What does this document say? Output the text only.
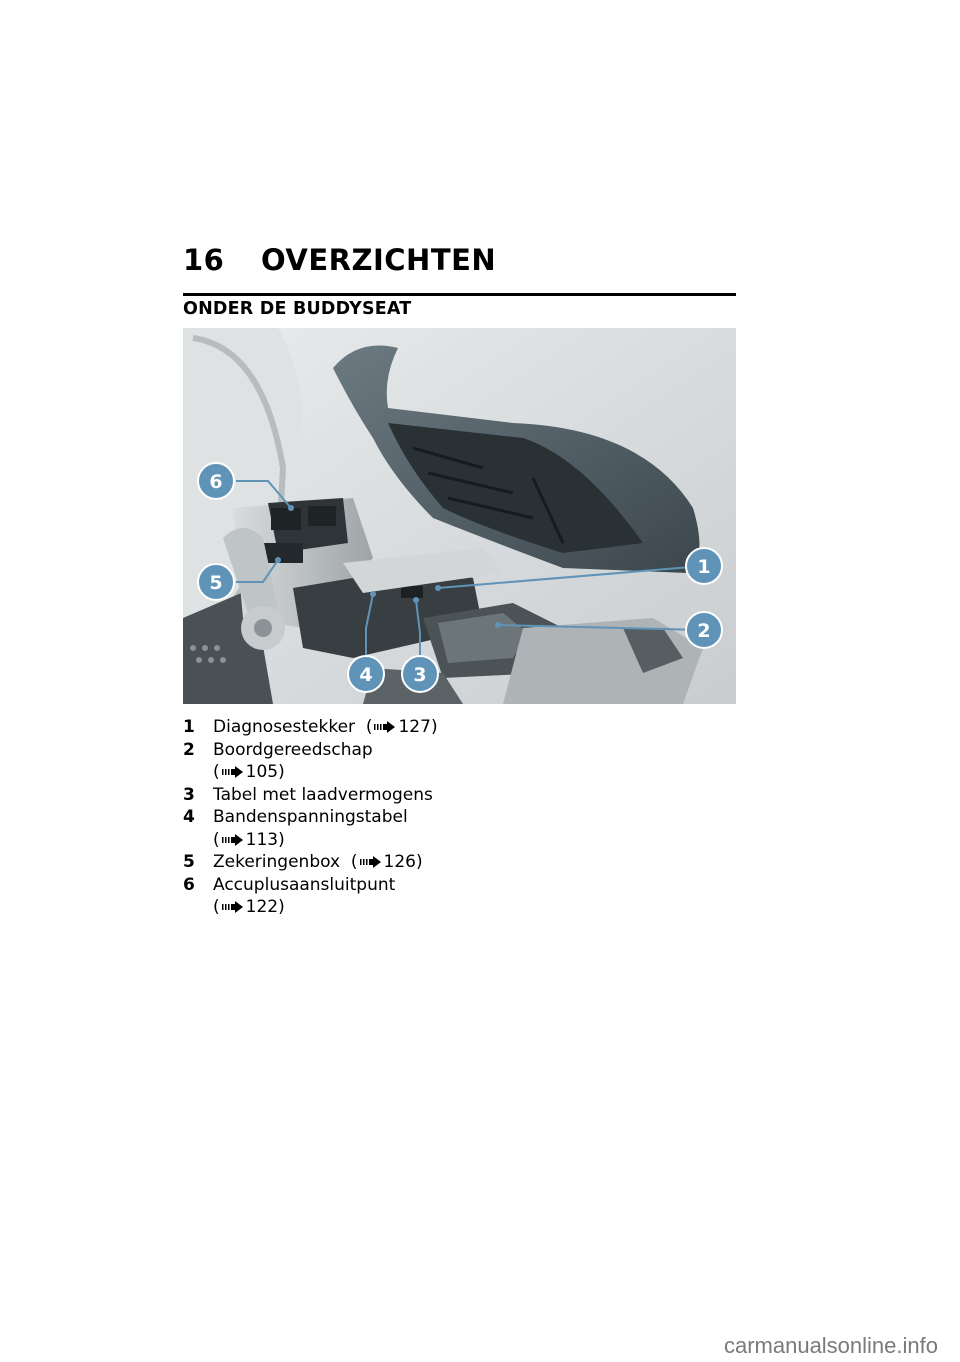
16	OVERZICHTEN
ONDER DE BUDDYSEAT
6
5
1
2
4 3
1	Diagnosestekker ( 127)
2	Boordgereedschap
( 105)
3	Tabel met laadvermogens
4	Bandenspanningstabel
( 113)
5	Zekeringenbox ( 126)
6	Accuplusaansluitpunt
( 122)
carmanualsonline.info
